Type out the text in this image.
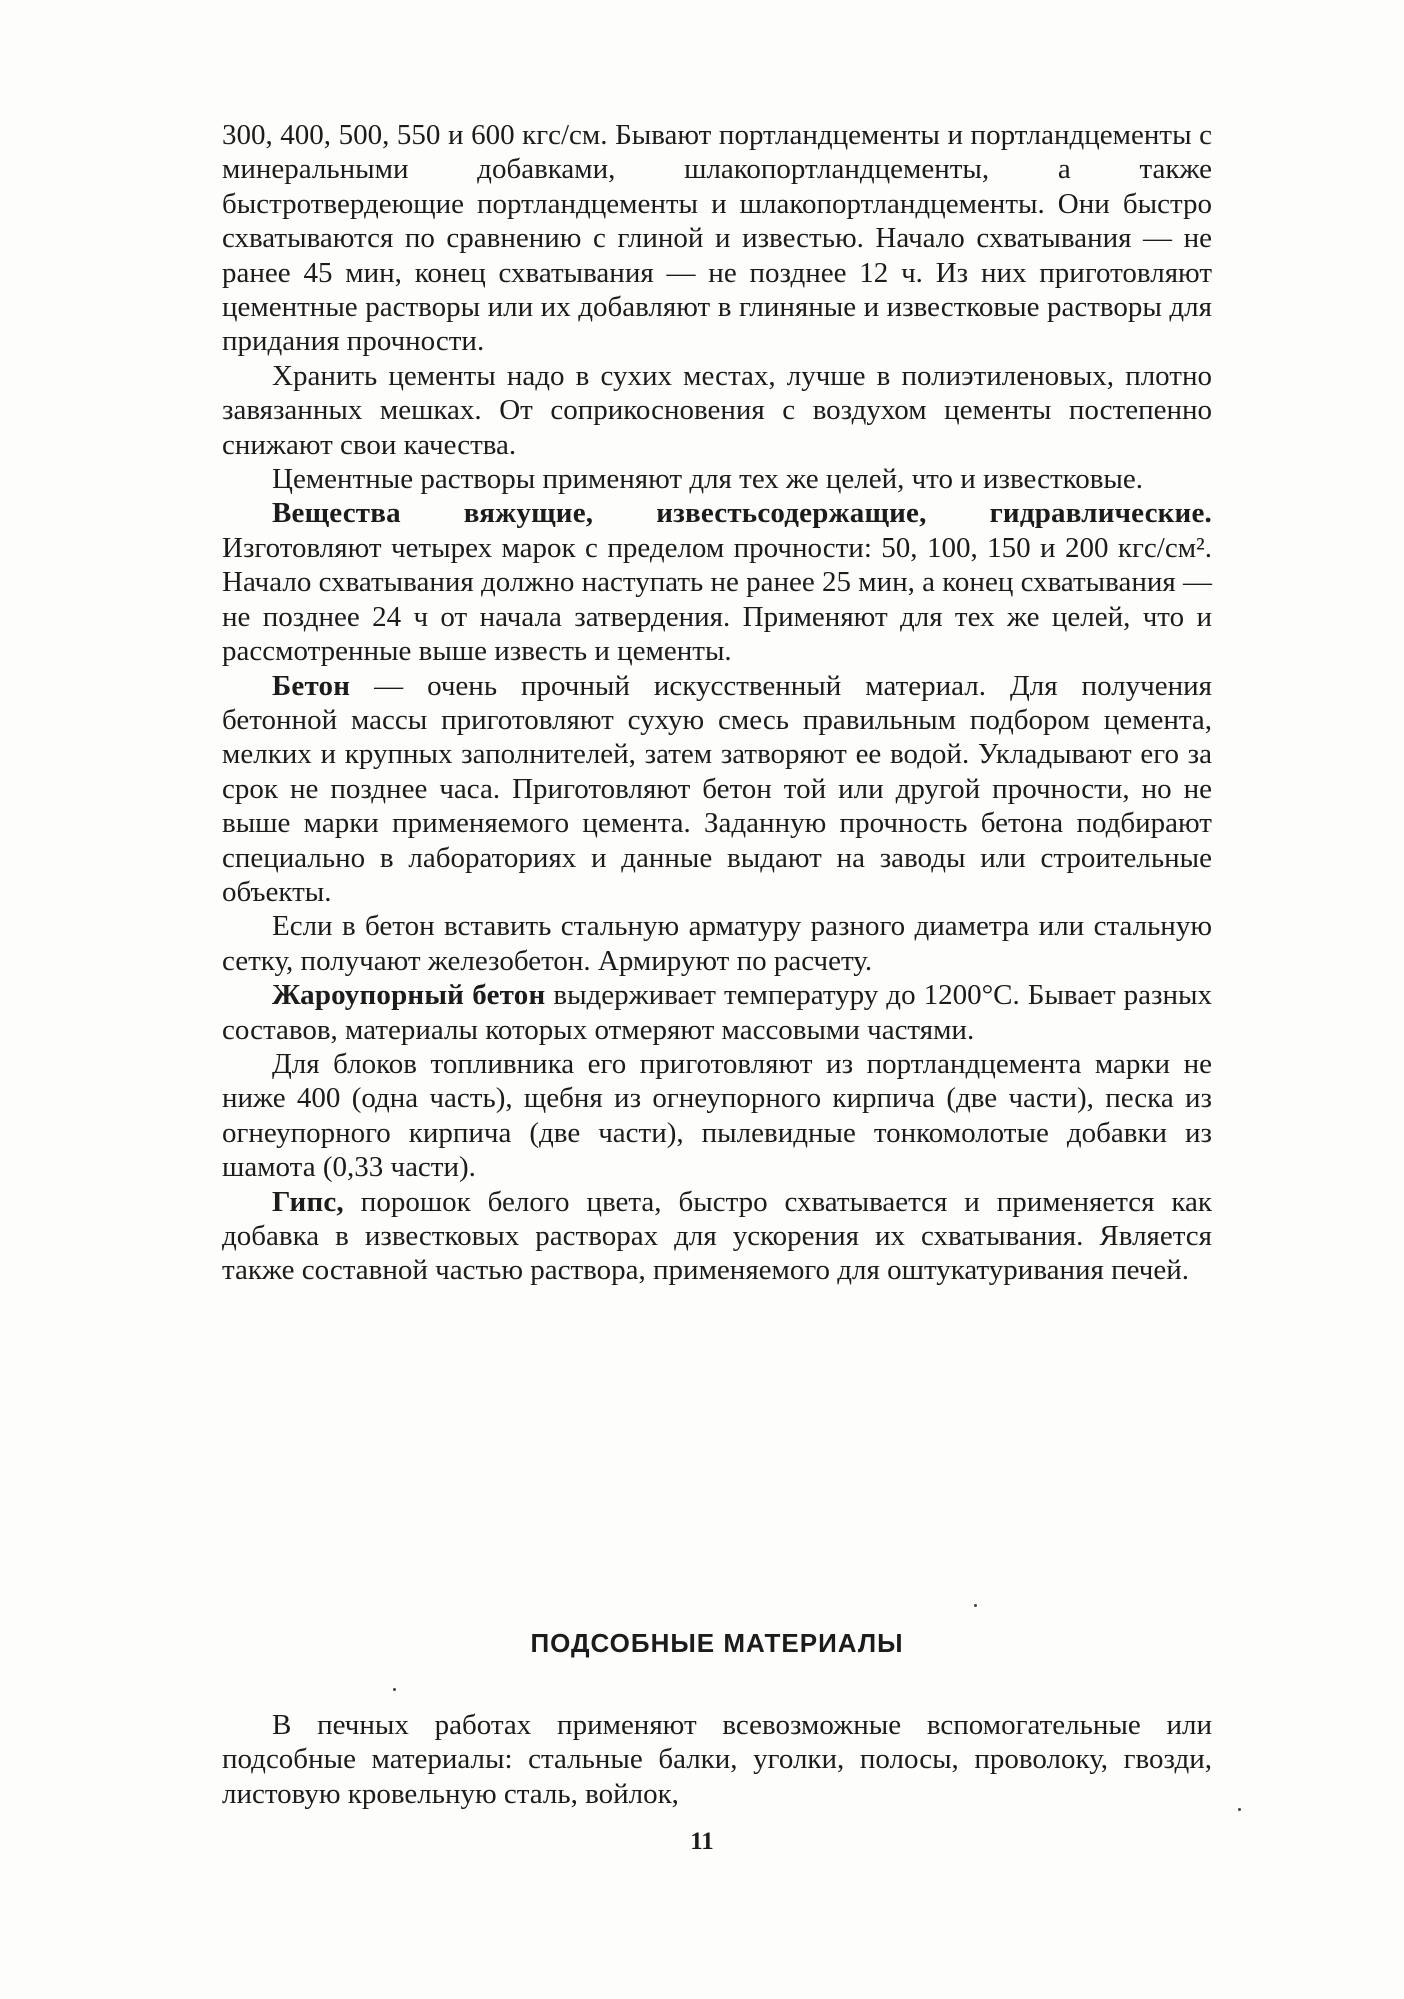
300, 400, 500, 550 и 600 кгс/см. Бывают портландцементы и портландцементы с минеральными добавками, шлакопортландцементы, а также быстротвердеющие портландцементы и шлакопортландцементы. Они быстро схватываются по сравнению с глиной и известью. Начало схватывания — не ранее 45 мин, конец схватывания — не позднее 12 ч. Из них приготовляют цементные растворы или их добавляют в глиняные и известковые растворы для придания прочности.

Хранить цементы надо в сухих местах, лучше в полиэтиленовых, плотно завязанных мешках. От соприкосновения с воздухом цементы постепенно снижают свои качества.

Цементные растворы применяют для тех же целей, что и известковые.

Вещества вяжущие, известьсодержащие, гидравлические. Изготовляют четырех марок с пределом прочности: 50, 100, 150 и 200 кгс/см². Начало схватывания должно наступать не ранее 25 мин, а конец схватывания — не позднее 24 ч от начала затвердения. Применяют для тех же целей, что и рассмотренные выше известь и цементы.

Бетон — очень прочный искусственный материал. Для получения бетонной массы приготовляют сухую смесь правильным подбором цемента, мелких и крупных заполнителей, затем затворяют ее водой. Укладывают его за срок не позднее часа. Приготовляют бетон той или другой прочности, но не выше марки применяемого цемента. Заданную прочность бетона подбирают специально в лабораториях и данные выдают на заводы или строительные объекты.

Если в бетон вставить стальную арматуру разного диаметра или стальную сетку, получают железобетон. Армируют по расчету.

Жароупорный бетон выдерживает температуру до 1200°С. Бывает разных составов, материалы которых отмеряют массовыми частями.

Для блоков топливника его приготовляют из портландцемента марки не ниже 400 (одна часть), щебня из огнеупорного кирпича (две части), песка из огнеупорного кирпича (две части), пылевидные тонкомолотые добавки из шамота (0,33 части).

Гипс, порошок белого цвета, быстро схватывается и применяется как добавка в известковых растворах для ускорения их схватывания. Является также составной частью раствора, применяемого для оштукатуривания печей.

ПОДСОБНЫЕ МАТЕРИАЛЫ

В печных работах применяют всевозможные вспомогательные или подсобные материалы: стальные балки, уголки, полосы, проволоку, гвозди, листовую кровельную сталь, войлок,

11
